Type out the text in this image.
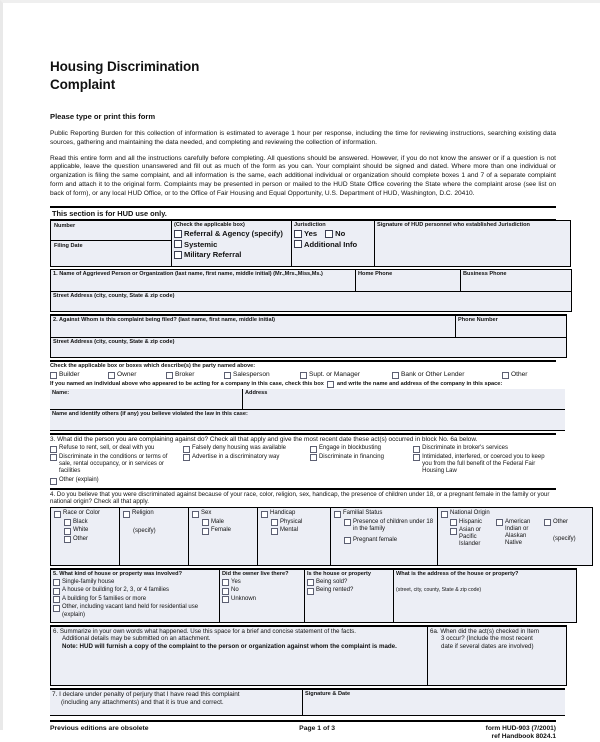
Housing Discrimination
Complaint
Please type or print this form

Public Reporting Burden for this collection of information is estimated to average 1 hour per response, including the time for reviewing instructions, searching existing data sources, gathering and maintaining the data needed, and completing and reviewing the collection of information.

Read this entire form and all the instructions carefully before completing. All questions should be answered. However, if you do not know the answer or if a question is not applicable, leave the question unanswered and fill out as much of the form as you can. Your complaint should be signed and dated. Where more than one individual or organization is filing the same complaint, and all information is the same, each additional individual or organization should complete boxes 1 and 7 of a separate complaint form and attach it to the original form. Complaints may be presented in person or mailed to the HUD State Office covering the State where the complaint arose (see list on back of form), or any local HUD Office, or to the Office of Fair Housing and Equal Opportunity, U.S. Department of HUD, Washington, D.C. 20410.

This section is for HUD use only.
Number
Filing Date

(Check the applicable box)
Referral & Agency (specify)
Systemic
Military Referral

Jurisdiction
Yes No
Additional Info

Signature of HUD personnel who established Jurisdiction
1. Name of Aggrieved Person or Organization (last name, first name, middle initial) (Mr.,Mrs.,Miss,Ms.)	Home Phone	Business Phone

Street Address (city, county, State & zip code)
2. Against Whom is this complaint being filed? (last name, first name, middle initial)	Phone Number

Street Address (city, county, State & zip code)
Check the applicable box or boxes which describe(s) the party named above:
Builder	Owner	Broker	Salesperson	Supt. or Manager	Bank or Other Lender	Other
If you named an individual above who appeared to be acting for a company in this case, check this box and write the name and address of the company in this space:
Name:	Address

Name and identify others (if any) you believe violated the law in this case:
3. What did the person you are complaining against do? Check all that apply and give the most recent date these act(s) occurred in block No. 6a below.
Refuse to rent, sell, or deal with you
Discriminate in the conditions or terms of sale, rental occupancy, or in services or facilities
Falsely deny housing was available
Advertise in a discriminatory way
Engage in blockbusting
Discriminate in financing
Discriminate in broker's services
Intimidated, interfered, or coerced you to keep you from the full benefit of the Federal Fair Housing Law
Other (explain)
4. Do you believe that you were discriminated against because of your race, color, religion, sex, handicap, the presence of children under 18, or a pregnant female in the family or your national origin? Check all that apply.
Race or Color
Black
White
Other

Religion
(specify)

Sex
Male
Female

Handicap
Physical
Mental

Familial Status
Presence of children under 18 in the family
Pregnant female

National Origin
Hispanic
Asian or Pacific Islander
American Indian or Alaskan Native
Other
(specify)
5. What kind of house or property was involved?
Single-family house
A house or building for 2, 3, or 4 families
A building for 5 families or more
Other, including vacant land held for residential use (explain)

Did the owner live there?
Yes
No
Unknown

Is the house or property
Being sold?
Being rented?

What is the address of the house or property?
(street, city, county, State & zip code)
6. Summarize in your own words what happened. Use this space for a brief and concise statement of the facts.
Additional details may be submitted on an attachment.
Note: HUD will furnish a copy of the complaint to the person or organization against whom the complaint is made.

6a. When did the act(s) checked in Item
3 occur? (Include the most recent
date if several dates are involved)
7. I declare under penalty of perjury that I have read this complaint
(including any attachments) and that it is true and correct.

Signature & Date
Previous editions are obsolete	Page 1 of 3	form HUD-903 (7/2001)
ref Handbook 8024.1
